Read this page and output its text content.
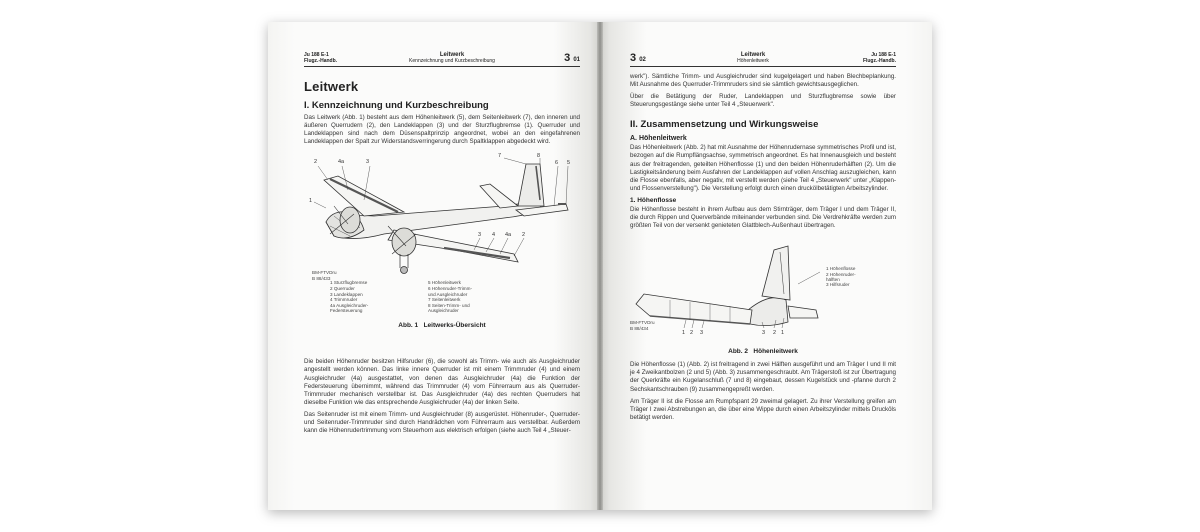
Ju 188 E-1
Flugz.-Handb.
Leitwerk
Kennzeichnung und Kurzbeschreibung	3 01
Leitwerk
I. Kennzeichnung und Kurzbeschreibung

Das Leitwerk (Abb. 1) besteht aus dem Höhenleitwerk (5), dem Seitenleitwerk (7), den inneren und äußeren Querrudern (2), den Landeklappen (3) und der Sturzflugbremse (1). Querruder und Landeklappen sind nach dem Düsenspaltprinzip angeordnet, wobei an den eingefahrenen Landeklappen der Spalt zur Widerstandsverringerung durch Spaltklappen abgedeckt wird.

2	4a	3
7	8
6 5
3 4 4a 2
1
BM-FTVDru
B 88/433
1 Sturzflugbremse
2 Querruder
3 Landeklappen
4 Trimmruder
4a Ausgleichruder-
Federsteuerung
5 Höhenleitwerk
6 Höhenruder-Trimm-
und Ausgleichruder
7 Seitenleitwerk
8 Seiten-Trimm- und
Ausgleichruder
Abb. 1 Leitwerks-Übersicht

Die beiden Höhenruder besitzen Hilfsruder (6), die sowohl als Trimm- wie auch als Ausgleichruder angestellt werden können. Das linke innere Querruder ist mit einem Trimmruder (4) und einem Ausgleichruder (4a) ausgestattet, von denen das Ausgleichruder (4a) die Funktion der Federsteuerung übernimmt, während das Trimmruder (4) vom Führerraum aus als Querruder-Trimmruder mechanisch verstellbar ist. Das Ausgleichruder (4a) des rechten Querruders hat dieselbe Funktion wie das entsprechende Ausgleichruder (4a) der linken Seite.

Das Seitenruder ist mit einem Trimm- und Ausgleichruder (8) ausgerüstet. Höhenruder-, Querruder- und Seitenruder-Trimmruder sind durch Handrädchen vom Führerraum aus verstellbar. Außerdem kann die Höhenrudertrimmung vom Steuerhorn aus elektrisch erfolgen (siehe auch Teil 4 „Steuer-

3 02
Leitwerk
Höhenleitwerk
Ju 188 E-1
Flugz.-Handb.

werk"). Sämtliche Trimm- und Ausgleichruder sind kugelgelagert und haben Blechbeplankung. Mit Ausnahme des Querruder-Trimmruders sind sie sämtlich gewichtsausgeglichen.

Über die Betätigung der Ruder, Landeklappen und Sturzflugbremse sowie über Steuerungsgestänge siehe unter Teil 4 „Steuerwerk".

II. Zusammensetzung und Wirkungsweise
A. Höhenleitwerk

Das Höhenleitwerk (Abb. 2) hat mit Ausnahme der Höhenrudernase symmetrisches Profil und ist, bezogen auf die Rumpflängsachse, symmetrisch angeordnet. Es hat Innenausgleich und besteht aus der freitragenden, geteilten Höhenflosse (1) und den beiden Höhenruderhälften (2). Um die Lastigkeitsänderung beim Ausfahren der Landeklappen auf vollen Anschlag auszugleichen, kann die Flosse ebenfalls, aber negativ, mit verstellt werden (siehe Teil 4 „Steuerwerk" unter „Klappen- und Flossenverstellung"). Die Verstellung erfolgt durch einen druckölbetätigten Arbeitszylinder.

1. Höhenflosse

Die Höhenflosse besteht in ihrem Aufbau aus dem Stirnträger, dem Träger I und dem Träger II, die durch Rippen und Querverbände miteinander verbunden sind. Die Verdrehkräfte werden zum größten Teil von der versenkt genieteten Glattblech-Außenhaut übertragen.

1 2 3	3 2 1
1 Höhenflosse
2 Höhenruder-
hälften
3 Hilfsruder
BM-FTVDru
B 88/434
Abb. 2 Höhenleitwerk

Die Höhenflosse (1) (Abb. 2) ist freitragend in zwei Hälften ausgeführt und am Träger I und II mit je 4 Zweikantbolzen (2 und 5) (Abb. 3) zusammengeschraubt. Am Trägerstoß ist zur Übertragung der Querkräfte ein Kugelanschluß (7 und 8) eingebaut, dessen Kugelstück und -pfanne durch 2 Sechskantschrauben (9) zusammengepreßt werden.

Am Träger II ist die Flosse am Rumpfspant 29 zweimal gelagert. Zu ihrer Verstellung greifen am Träger I zwei Abstrebungen an, die über eine Wippe durch einen Arbeitszylinder mittels Drucköls betätigt werden.
